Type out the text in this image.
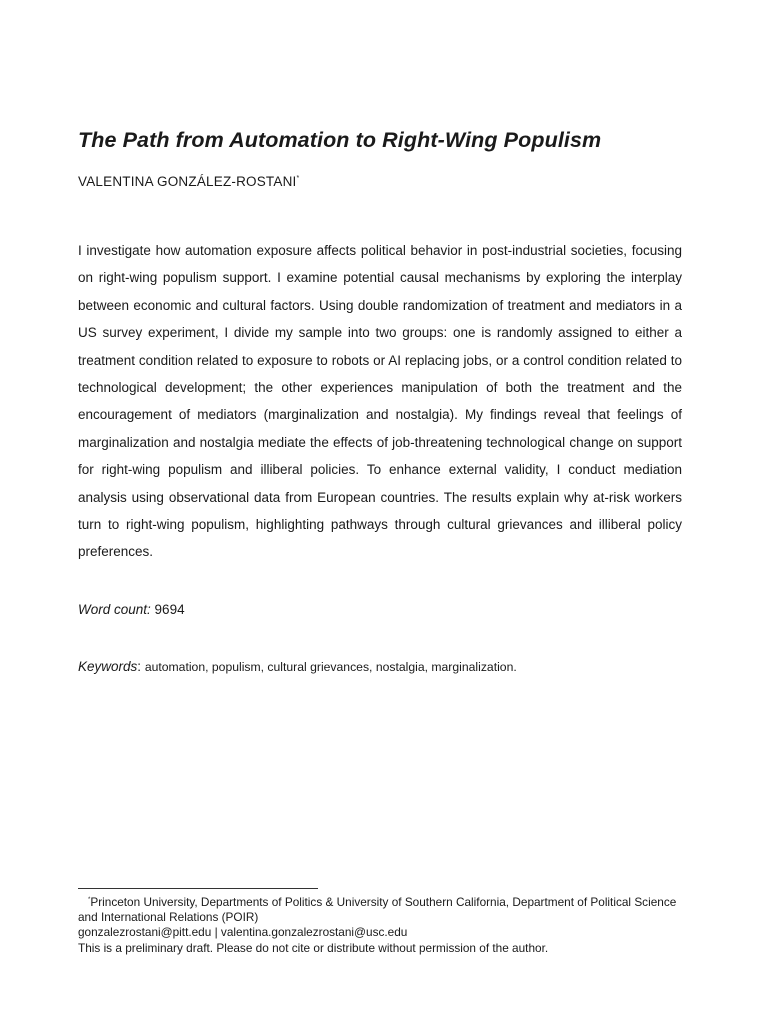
The Path from Automation to Right-Wing Populism
VALENTINA GONZÁLEZ-ROSTANI*

I investigate how automation exposure affects political behavior in post-industrial societies, focusing on right-wing populism support. I examine potential causal mechanisms by exploring the interplay between economic and cultural factors. Using double randomization of treatment and mediators in a US survey experiment, I divide my sample into two groups: one is randomly assigned to either a treatment condition related to exposure to robots or AI replacing jobs, or a control condition related to technological development; the other experiences manipulation of both the treatment and the encouragement of mediators (marginalization and nostalgia). My findings reveal that feelings of marginalization and nostalgia mediate the effects of job-threatening technological change on support for right-wing populism and illiberal policies. To enhance external validity, I conduct mediation analysis using observational data from European countries. The results explain why at-risk workers turn to right-wing populism, highlighting pathways through cultural grievances and illiberal policy preferences.

Word count: 9694
Keywords: automation, populism, cultural grievances, nostalgia, marginalization.

*Princeton University, Departments of Politics & University of Southern California, Department of Political Science and International Relations (POIR)

gonzalezrostani@pitt.edu | valentina.gonzalezrostani@usc.edu

This is a preliminary draft. Please do not cite or distribute without permission of the author.
